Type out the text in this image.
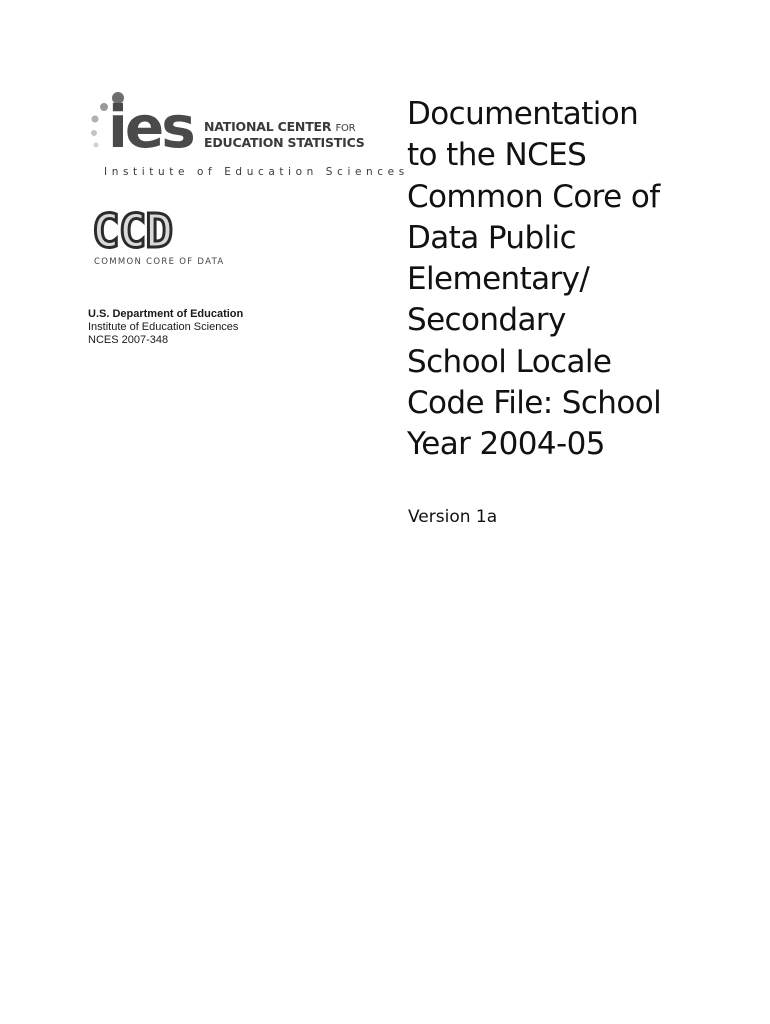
ies NATIONAL CENTER FOR
EDUCATION STATISTICS
Institute of Education Sciences
CCD
COMMON CORE OF DATA
U.S. Department of Education
Institute of Education Sciences
NCES 2007-348
Documentation
to the NCES
Common Core of
Data Public
Elementary/
Secondary
School Locale
Code File: School
Year 2004-05
Version 1a
